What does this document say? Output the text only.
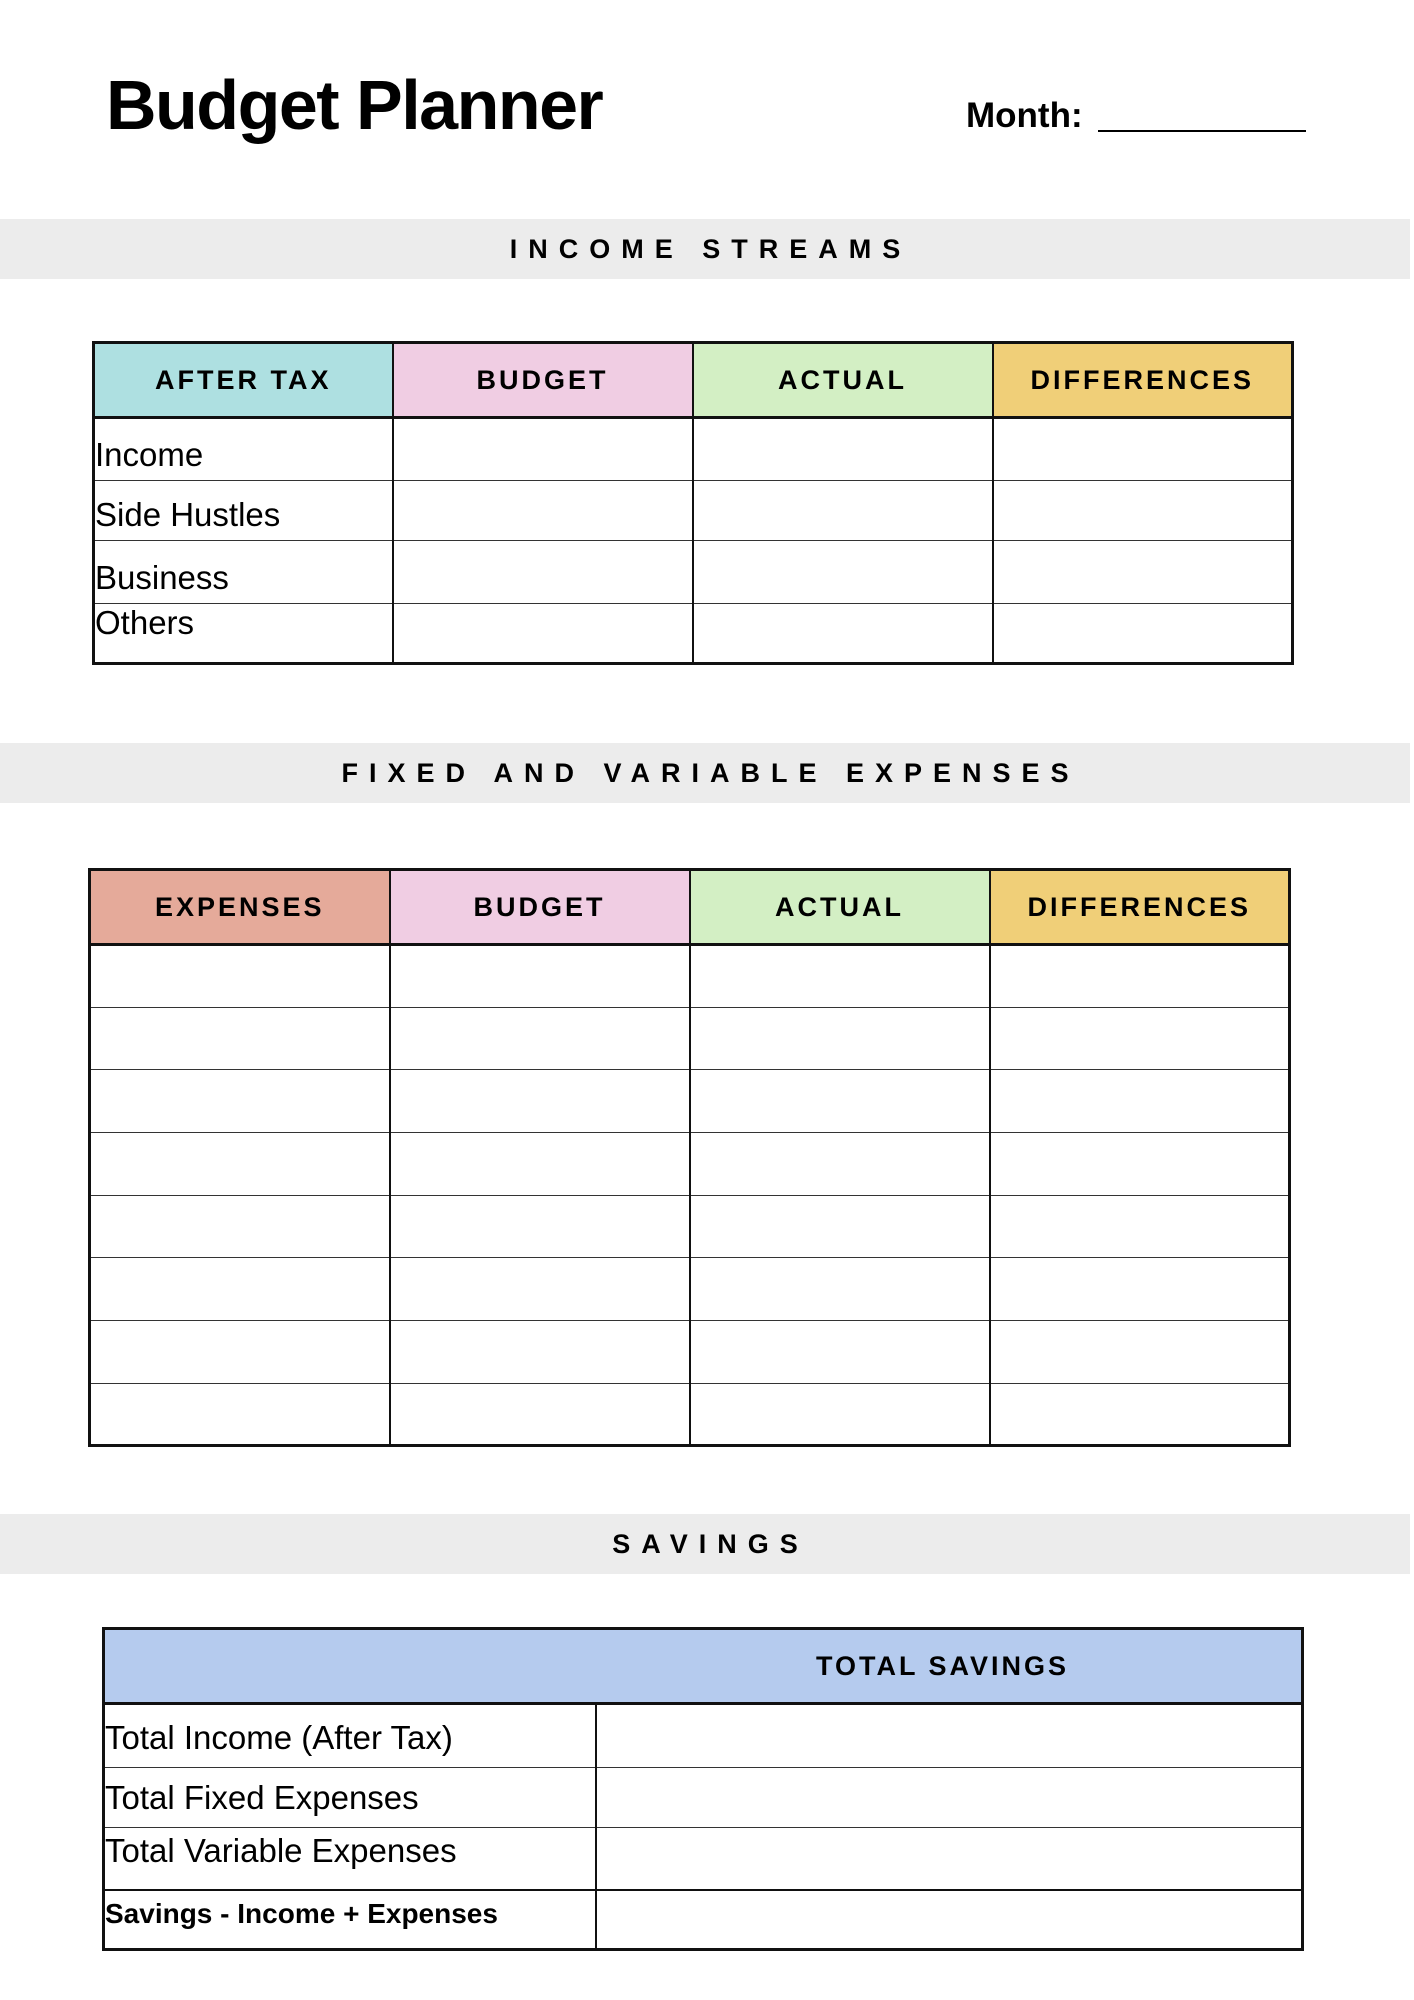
Budget Planner	Month:
INCOME STREAMS
AFTER TAX	BUDGET	ACTUAL	DIFFERENCES
Income			
Side Hustles			
Business			
Others			
FIXED AND VARIABLE EXPENSES
EXPENSES	BUDGET	ACTUAL	DIFFERENCES

SAVINGS
TOTAL SAVINGS	
Total Income (After Tax)	
Total Fixed Expenses	
Total Variable Expenses	
Savings - Income + Expenses	
